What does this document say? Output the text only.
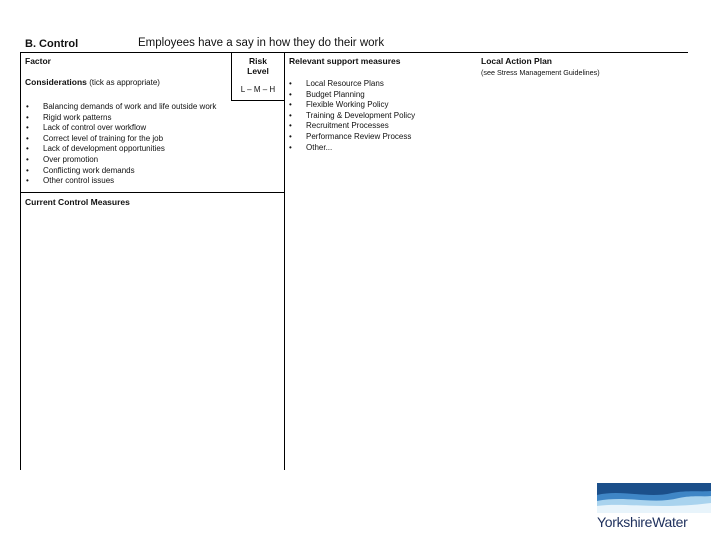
B. Control	Employees have a say in how they do their work
Factor	Risk
Level
L – M – H
Considerations (tick as appropriate)
• Balancing demands of work and life outside work
• Rigid work patterns
• Lack of control over workflow
• Correct level of training for the job
• Lack of development opportunities
• Over promotion
• Conflicting work demands
• Other control issues
Current Control Measures
Relevant support measures
• Local Resource Plans
• Budget Planning
• Flexible Working Policy
• Training & Development Policy
• Recruitment Processes
• Performance Review Process
• Other...
Local Action Plan
(see Stress Management Guidelines)
YorkshireWater
